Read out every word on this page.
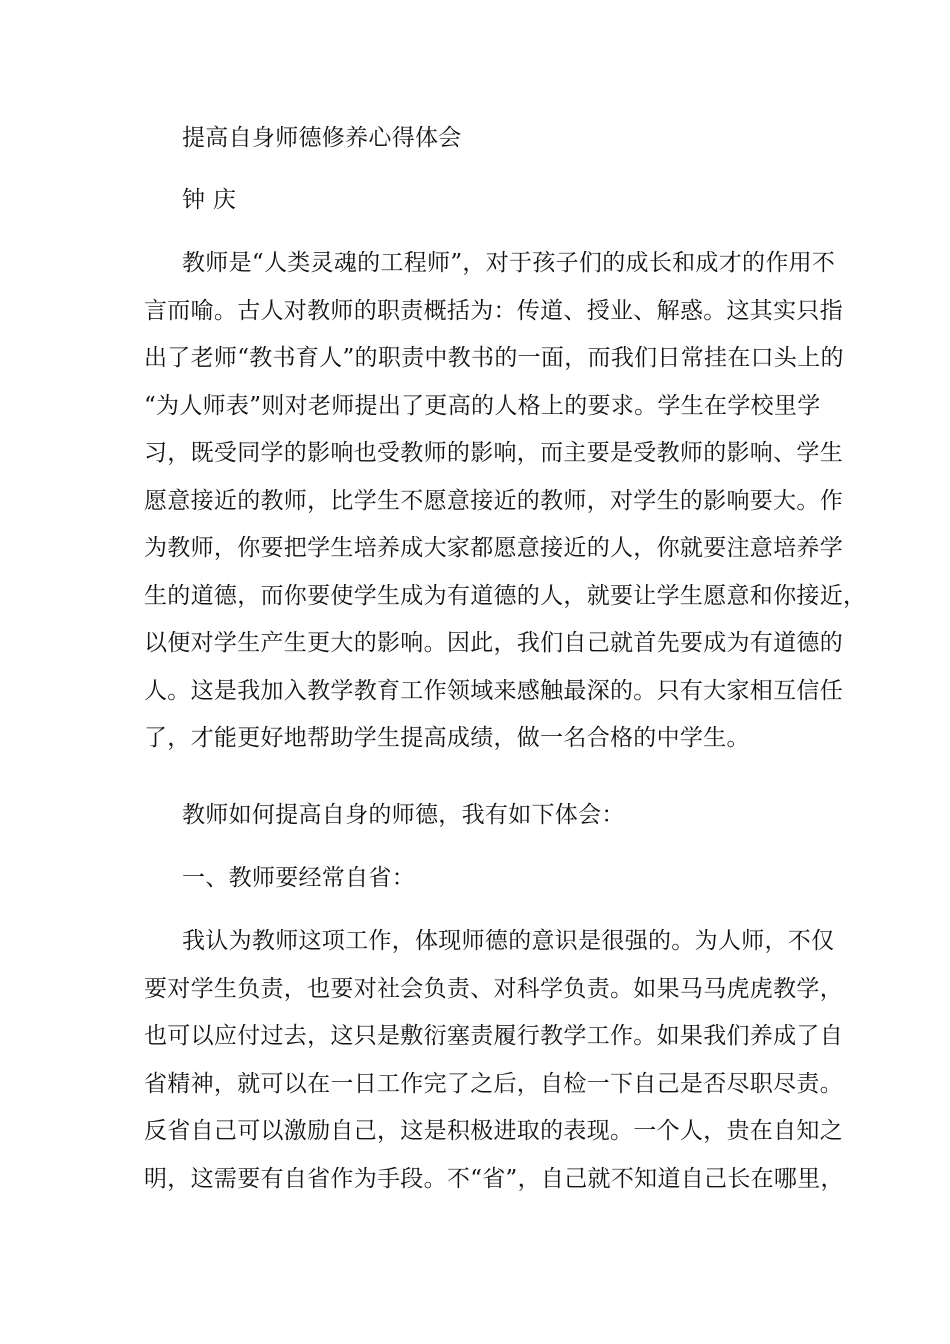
提高自身师德修养心得体会
钟 庆
教师是“人类灵魂的工程师”，对于孩子们的成长和成才的作用不
言而喻。古人对教师的职责概括为：传道、授业、解惑。这其实只指
出了老师“教书育人”的职责中教书的一面，而我们日常挂在口头上的
“为人师表”则对老师提出了更高的人格上的要求。学生在学校里学
习，既受同学的影响也受教师的影响，而主要是受教师的影响、学生
愿意接近的教师，比学生不愿意接近的教师，对学生的影响要大。作
为教师，你要把学生培养成大家都愿意接近的人，你就要注意培养学
生的道德，而你要使学生成为有道德的人，就要让学生愿意和你接近，
以便对学生产生更大的影响。因此，我们自己就首先要成为有道德的
人。这是我加入教学教育工作领域来感触最深的。只有大家相互信任
了，才能更好地帮助学生提高成绩，做一名合格的中学生。
教师如何提高自身的师德，我有如下体会：
一、教师要经常自省：
我认为教师这项工作，体现师德的意识是很强的。为人师，不仅
要对学生负责，也要对社会负责、对科学负责。如果马马虎虎教学，
也可以应付过去，这只是敷衍塞责履行教学工作。如果我们养成了自
省精神，就可以在一日工作完了之后，自检一下自己是否尽职尽责。
反省自己可以激励自己，这是积极进取的表现。一个人，贵在自知之
明，这需要有自省作为手段。不“省”，自己就不知道自己长在哪里，
